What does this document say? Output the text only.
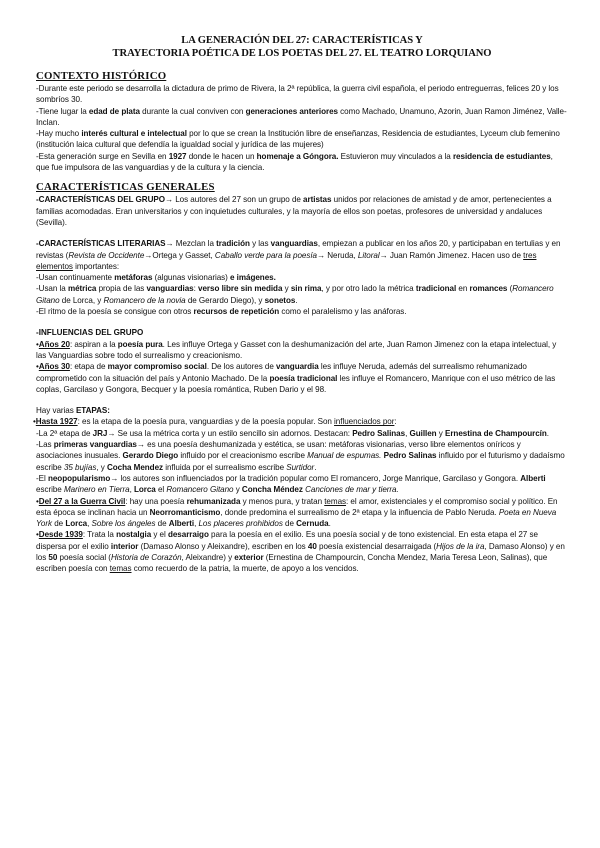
LA GENERACIÓN DEL 27: CARACTERÍSTICAS Y
TRAYECTORIA POÉTICA DE LOS POETAS DEL 27. EL TEATRO LORQUIANO
CONTEXTO HISTÓRICO

-Durante este periodo se desarrolla la dictadura de primo de Rivera, la 2ª república, la guerra civil española, el periodo entreguerras, felices 20 y los sombríos 30.

-Tiene lugar la edad de plata durante la cual conviven con generaciones anteriores como Machado, Unamuno, Azorin, Juan Ramon Jiménez, Valle-Inclan.

-Hay mucho interés cultural e intelectual por lo que se crean la Institución libre de enseñanzas, Residencia de estudiantes, Lyceum club femenino (institución laica cultural que defendía la igualdad social y jurídica de las mujeres)

-Esta generación surge en Sevilla en 1927 donde le hacen un homenaje a Góngora. Estuvieron muy vinculados a la residencia de estudiantes, que fue impulsora de las vanguardias y de la cultura y la ciencia.

CARACTERÍSTICAS GENERALES

-CARACTERÍSTICAS DEL GRUPO→ Los autores del 27 son un grupo de artistas unidos por relaciones de amistad y de amor, pertenecientes a familias acomodadas. Eran universitarios y con inquietudes culturales, y la mayoría de ellos son poetas, profesores de universidad y andaluces (Sevilla).

-CARACTERÍSTICAS LITERARIAS→ Mezclan la tradición y las vanguardias, empiezan a publicar en los años 20, y participaban en tertulias y en revistas (Revista de Occidente→Ortega y Gasset, Caballo verde para la poesía→ Neruda, Litoral→ Juan Ramón Jimenez. Hacen uso de tres elementos importantes:

-Usan continuamente metáforas (algunas visionarias) e imágenes.

-Usan la métrica propia de las vanguardias: verso libre sin medida y sin rima, y por otro lado la métrica tradicional en romances (Romancero Gitano de Lorca, y Romancero de la novia de Gerardo Diego), y sonetos.

-El ritmo de la poesía se consigue con otros recursos de repetición como el paralelismo y las anáforas.

-INFLUENCIAS DEL GRUPO

•Años 20: aspiran a la poesía pura. Les influye Ortega y Gasset con la deshumanización del arte, Juan Ramon Jimenez con la etapa intelectual, y las Vanguardias sobre todo el surrealismo y creacionismo.

•Años 30: etapa de mayor compromiso social. De los autores de vanguardia les influye Neruda, además del surrealismo rehumanizado comprometido con la situación del país y Antonio Machado. De la poesía tradicional les influye el Romancero, Manrique con el uso métrico de las coplas, Garcilaso y Gongora, Becquer y la poesía romántica, Ruben Dario y el 98.

Hay varias ETAPAS:

•Hasta 1927: es la etapa de la poesía pura, vanguardias y de la poesía popular. Son influenciados por:

-La 2ª etapa de JRJ→ Se usa la métrica corta y un estilo sencillo sin adornos. Destacan: Pedro Salinas, Guillen y Ernestina de Champourcín.

-Las primeras vanguardias→ es una poesía deshumanizada y estética, se usan: metáforas visionarias, verso libre elementos oníricos y asociaciones inusuales. Gerardo Diego influido por el creacionismo escribe Manual de espumas. Pedro Salinas influido por el futurismo y dadaísmo escribe 35 bujías, y Cocha Mendez influida por el surrealismo escribe Surtidor.

-El neopopularismo→ los autores son influenciados por la tradición popular como El romancero, Jorge Manrique, Garcilaso y Gongora. Alberti escribe Marinero en Tierra, Lorca el Romancero Gitano y Concha Méndez Canciones de mar y tierra.

•Del 27 a la Guerra Civil: hay una poesía rehumanizada y menos pura, y tratan temas: el amor, existenciales y el compromiso social y político. En esta época se inclinan hacia un Neorromanticismo, donde predomina el surrealismo de 2ª etapa y la influencia de Pablo Neruda. Poeta en Nueva York de Lorca, Sobre los ángeles de Alberti, Los placeres prohibidos de Cernuda.

•Desde 1939: Trata la nostalgia y el desarraigo para la poesía en el exilio. Es una poesía social y de tono existencial. En esta etapa el 27 se dispersa por el exilio interior (Damaso Alonso y Aleixandre), escriben en los 40 poesía existencial desarraigada (Hijos de la ira, Damaso Alonso) y en los 50 poesía social (Historia de Corazón, Aleixandre) y exterior (Ernestina de Champourcin, Concha Mendez, Maria Teresa Leon, Salinas), que escriben poesía con temas como recuerdo de la patria, la muerte, de apoyo a los vencidos.
